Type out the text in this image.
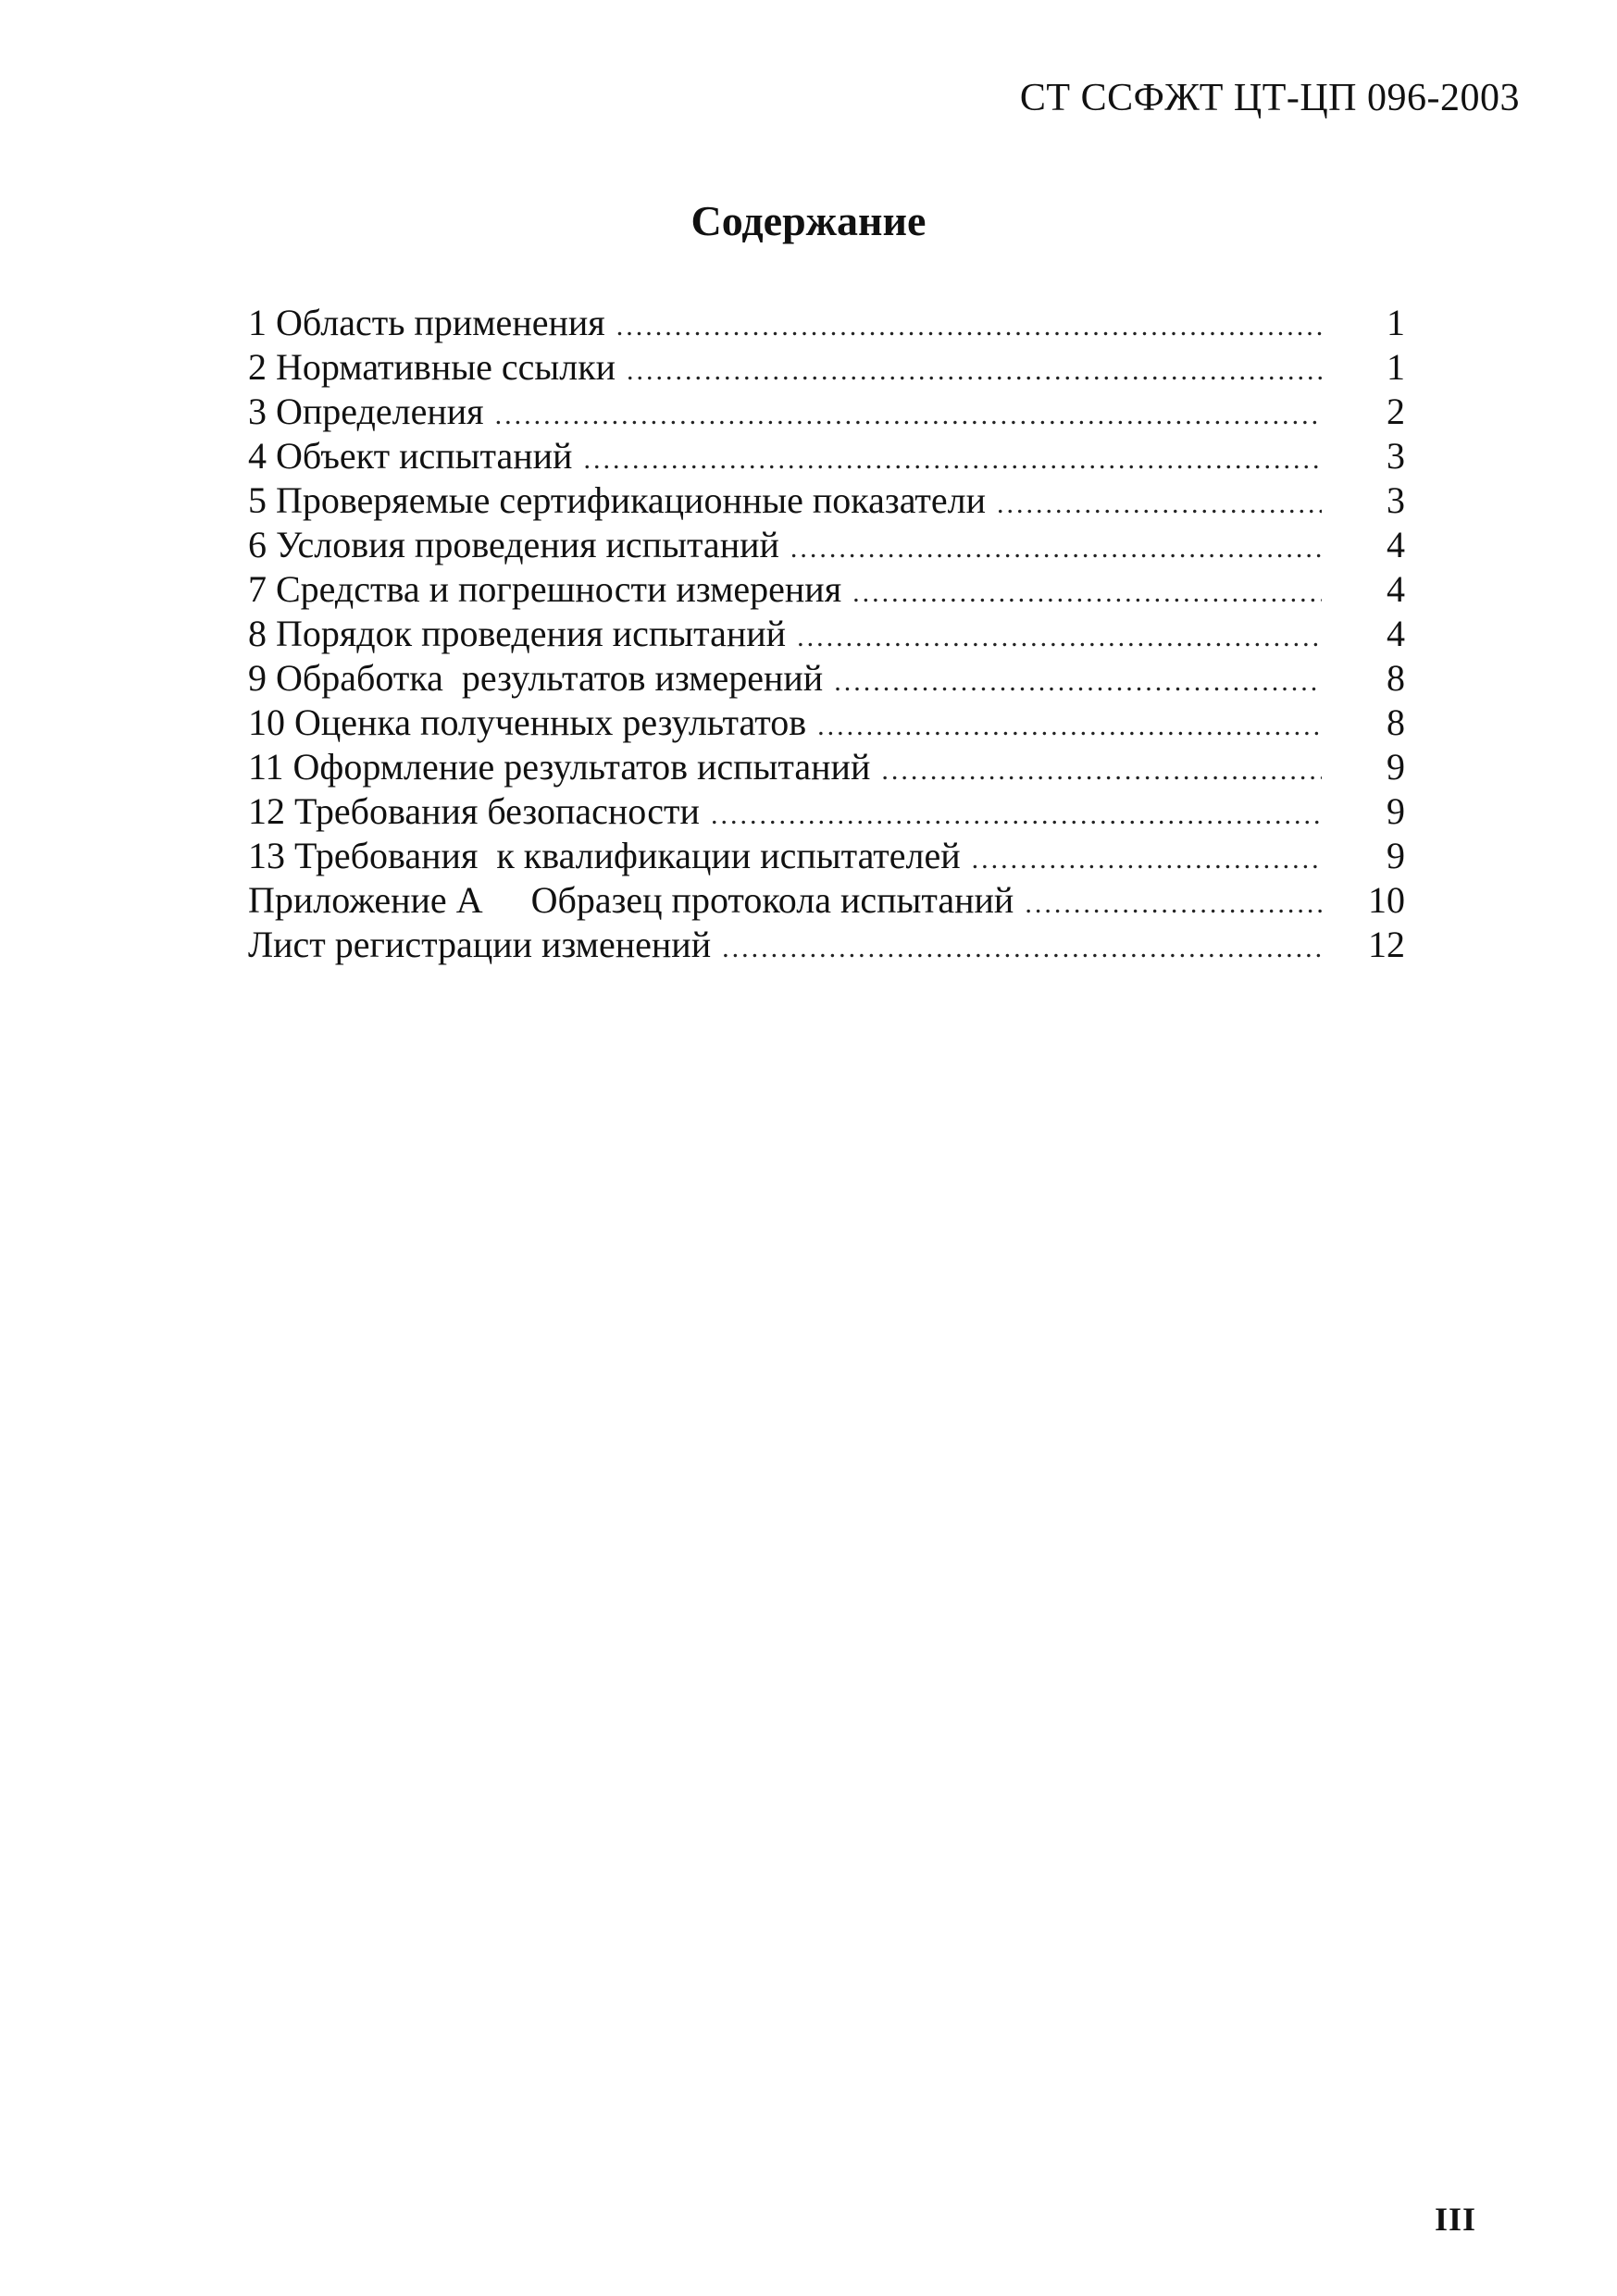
СТ ССФЖТ ЦТ-ЦП 096-2003
Содержание
1 Область применения .....	1
2 Нормативные ссылки .....	1
3 Определения .....	2
4 Объект испытаний .....	3
5 Проверяемые сертификационные показатели .....	3
6 Условия проведения испытаний .....	4
7 Средства и погрешности измерения .....	4
8 Порядок проведения испытаний .....	4
9 Обработка  результатов измерений .....	8
10 Оценка полученных результатов .....	8
11 Оформление результатов испытаний .....	9
12 Требования безопасности .....	9
13 Требования  к квалификации испытателей .....	9
Приложение А Образец протокола испытаний .....	10
Лист регистрации изменений .....	12
III
